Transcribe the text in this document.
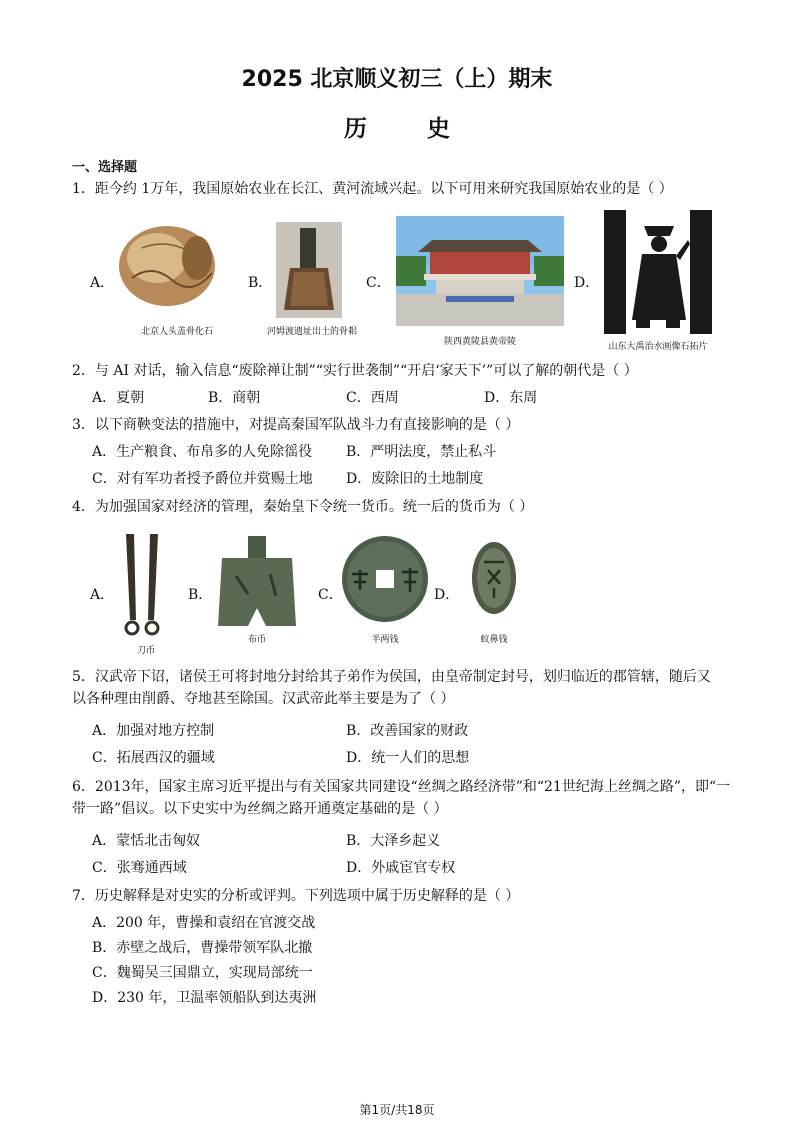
2025 北京顺义初三（上）期末
历 史
一、选择题
1．距今约 1万年，我国原始农业在长江、黄河流域兴起。以下可用来研究我国原始农业的是（ ）
A．
北京人头盖骨化石
B．
河姆渡遗址出土的骨耜
C．
陕西黄陵县黄帝陵
D．
山东大禹治水画像石拓片
2．与 AI 对话，输入信息“废除禅让制”“实行世袭制”“开启‘家天下’”可以了解的朝代是（ ）
A．夏朝	B．商朝	C．西周	D．东周
3．以下商鞅变法的措施中，对提高秦国军队战斗力有直接影响的是（ ）
A．生产粮食、布帛多的人免除徭役 B．严明法度，禁止私斗
C．对有军功者授予爵位并赏赐土地 D．废除旧的土地制度
4．为加强国家对经济的管理，秦始皇下令统一货币。统一后的货币为（ ）
A．
刀币
B．
布币
C．
半两钱
D．
蚁鼻钱
5．汉武帝下诏，诸侯王可将封地分封给其子弟作为侯国，由皇帝制定封号，划归临近的郡管辖，随后又
以各种理由削爵、夺地甚至除国。汉武帝此举主要是为了（ ）
A．加强对地方控制	B．改善国家的财政
C．拓展西汉的疆域	D．统一人们的思想
6．2013年，国家主席习近平提出与有关国家共同建设“丝绸之路经济带”和“21世纪海上丝绸之路”，即“一
带一路”倡议。以下史实中为丝绸之路开通奠定基础的是（ ）
A．蒙恬北击匈奴	B．大泽乡起义
C．张骞通西域	D．外戚宦官专权
7．历史解释是对史实的分析或评判。下列选项中属于历史解释的是（ ）
A．200 年，曹操和袁绍在官渡交战
B．赤壁之战后，曹操带领军队北撤
C．魏蜀吴三国鼎立，实现局部统一
D．230 年，卫温率领船队到达夷洲
第1页/共18页
